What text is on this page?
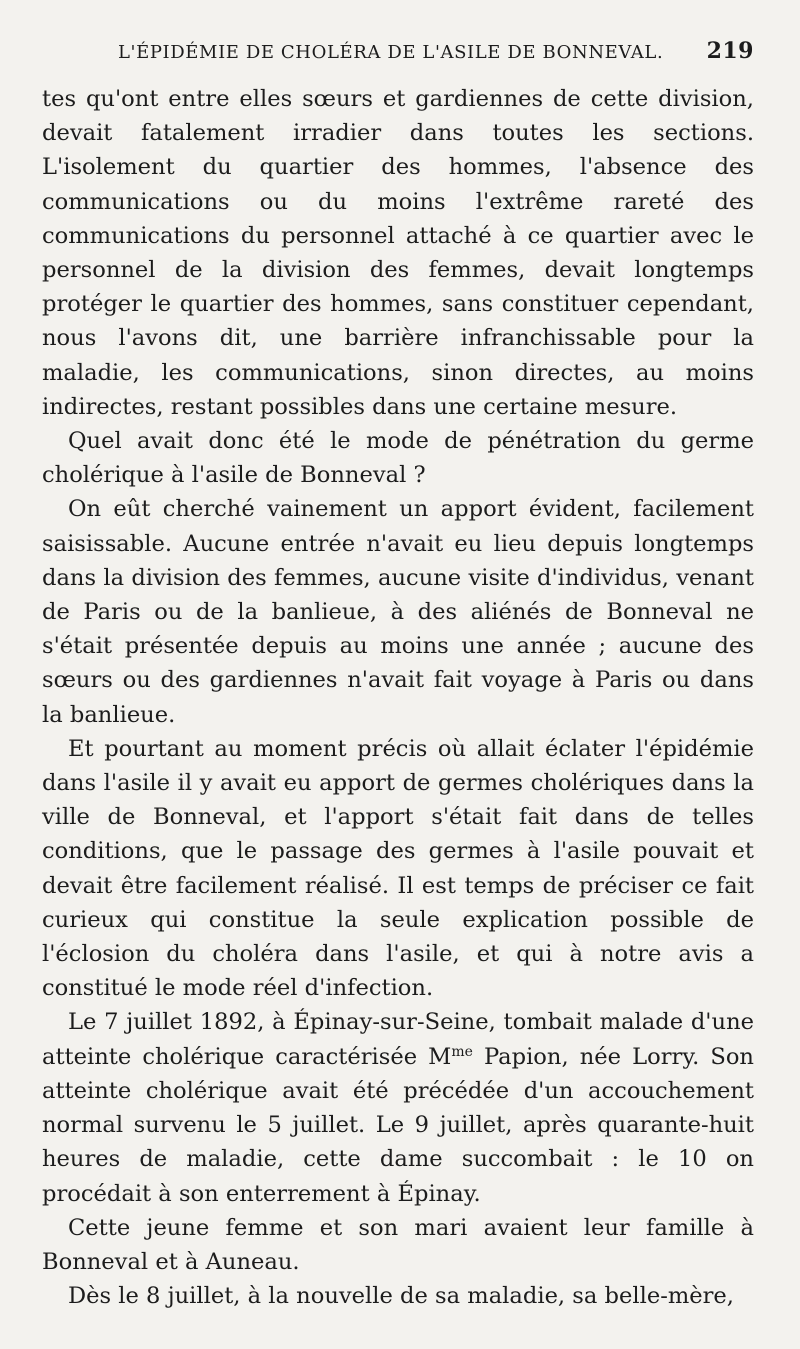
L'ÉPIDÉMIE DE CHOLÉRA DE L'ASILE DE BONNEVAL. 219

tes qu'ont entre elles sœurs et gardiennes de cette division, devait fatalement irradier dans toutes les sections. L'isolement du quartier des hommes, l'absence des communications ou du moins l'extrême rareté des communications du personnel attaché à ce quartier avec le personnel de la division des femmes, devait longtemps protéger le quartier des hommes, sans constituer cependant, nous l'avons dit, une barrière infranchissable pour la maladie, les communications, sinon directes, au moins indirectes, restant possibles dans une certaine mesure.

Quel avait donc été le mode de pénétration du germe cholérique à l'asile de Bonneval ?

On eût cherché vainement un apport évident, facilement saisissable. Aucune entrée n'avait eu lieu depuis longtemps dans la division des femmes, aucune visite d'individus, venant de Paris ou de la banlieue, à des aliénés de Bonneval ne s'était présentée depuis au moins une année ; aucune des sœurs ou des gardiennes n'avait fait voyage à Paris ou dans la banlieue.

Et pourtant au moment précis où allait éclater l'épidémie dans l'asile il y avait eu apport de germes cholériques dans la ville de Bonneval, et l'apport s'était fait dans de telles conditions, que le passage des germes à l'asile pouvait et devait être facilement réalisé. Il est temps de préciser ce fait curieux qui constitue la seule explication possible de l'éclosion du choléra dans l'asile, et qui à notre avis a constitué le mode réel d'infection.

Le 7 juillet 1892, à Épinay-sur-Seine, tombait malade d'une atteinte cholérique caractérisée $M^{me}$ Papion, née Lorry. Son atteinte cholérique avait été précédée d'un accouchement normal survenu le 5 juillet. Le 9 juillet, après quarante-huit heures de maladie, cette dame succombait : le 10 on procédait à son enterrement à Épinay.

Cette jeune femme et son mari avaient leur famille à Bonneval et à Auneau.

Dès le 8 juillet, à la nouvelle de sa maladie, sa belle-mère,
